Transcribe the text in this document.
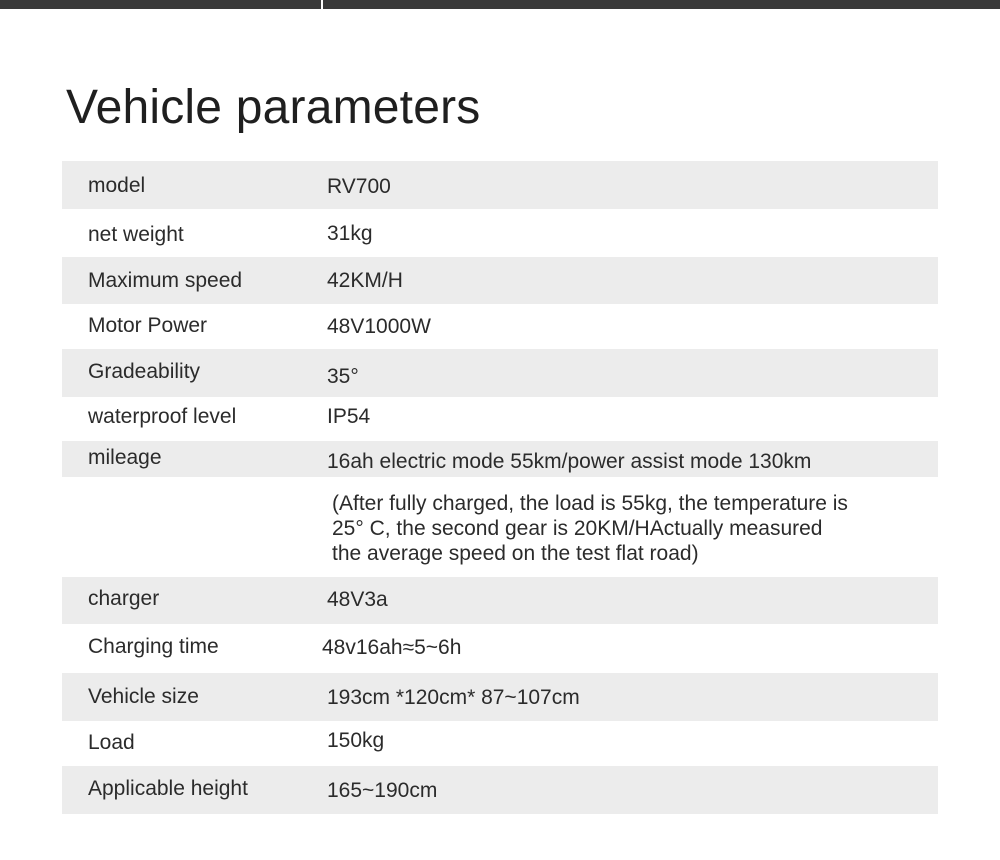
Vehicle parameters
model	RV700
net weight	31kg
Maximum speed	42KM/H
Motor Power	48V1000W
Gradeability	35°
waterproof level	IP54
mileage	16ah electric mode 55km/power assist mode 130km
(After fully charged, the load is 55kg, the temperature is
25° C, the second gear is 20KM/HActually measured
the average speed on the test flat road)
charger	48V3a
Charging time	48v16ah≈5~6h
Vehicle size	193cm *120cm* 87~107cm
Load	150kg
Applicable height	165~190cm
